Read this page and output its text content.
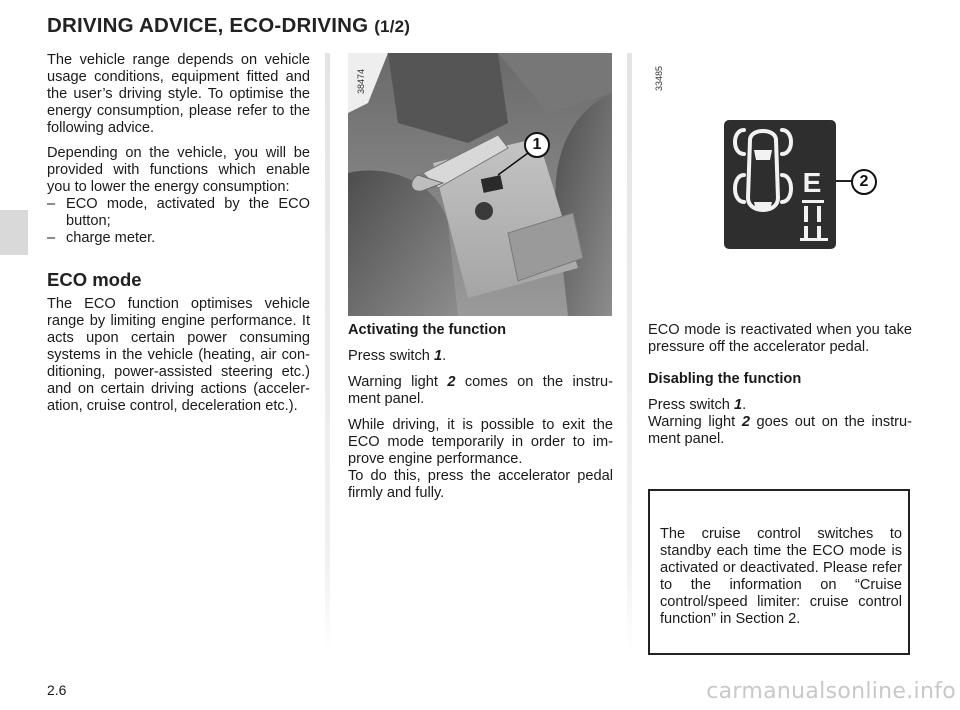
DRIVING ADVICE, ECO-DRIVING (1/2)
The vehicle range depends on vehicle usage conditions, equipment fitted and the user’s driving style. To optimise the energy consumption, please refer to the following advice.

Depending on the vehicle, you will be provided with functions which enable you to lower the energy consumption:

– ECO mode, activated by the ECO button;
– charge meter.
ECO mode
The ECO function optimises vehicle range by limiting engine performance. It acts upon certain power consuming systems in the vehicle (heating, air con-ditioning, power-assisted steering etc.) and on certain driving actions (acceler-ation, cruise control, deceleration etc.).
38474
1

Activating the function

Press switch 1.

Warning light 2 comes on the instru-ment panel.

While driving, it is possible to exit the ECO mode temporarily in order to im-prove engine performance.

To do this, press the accelerator pedal firmly and fully.

33485
E	2

ECO mode is reactivated when you take pressure off the accelerator pedal.

Disabling the function

Press switch 1.

Warning light 2 goes out on the instru-ment panel.

The cruise control switches to standby each time the ECO mode is activated or deactivated. Please refer to the information on “Cruise control/speed limiter: cruise control function” in Section 2.
2.6	carmanualsonline.info
